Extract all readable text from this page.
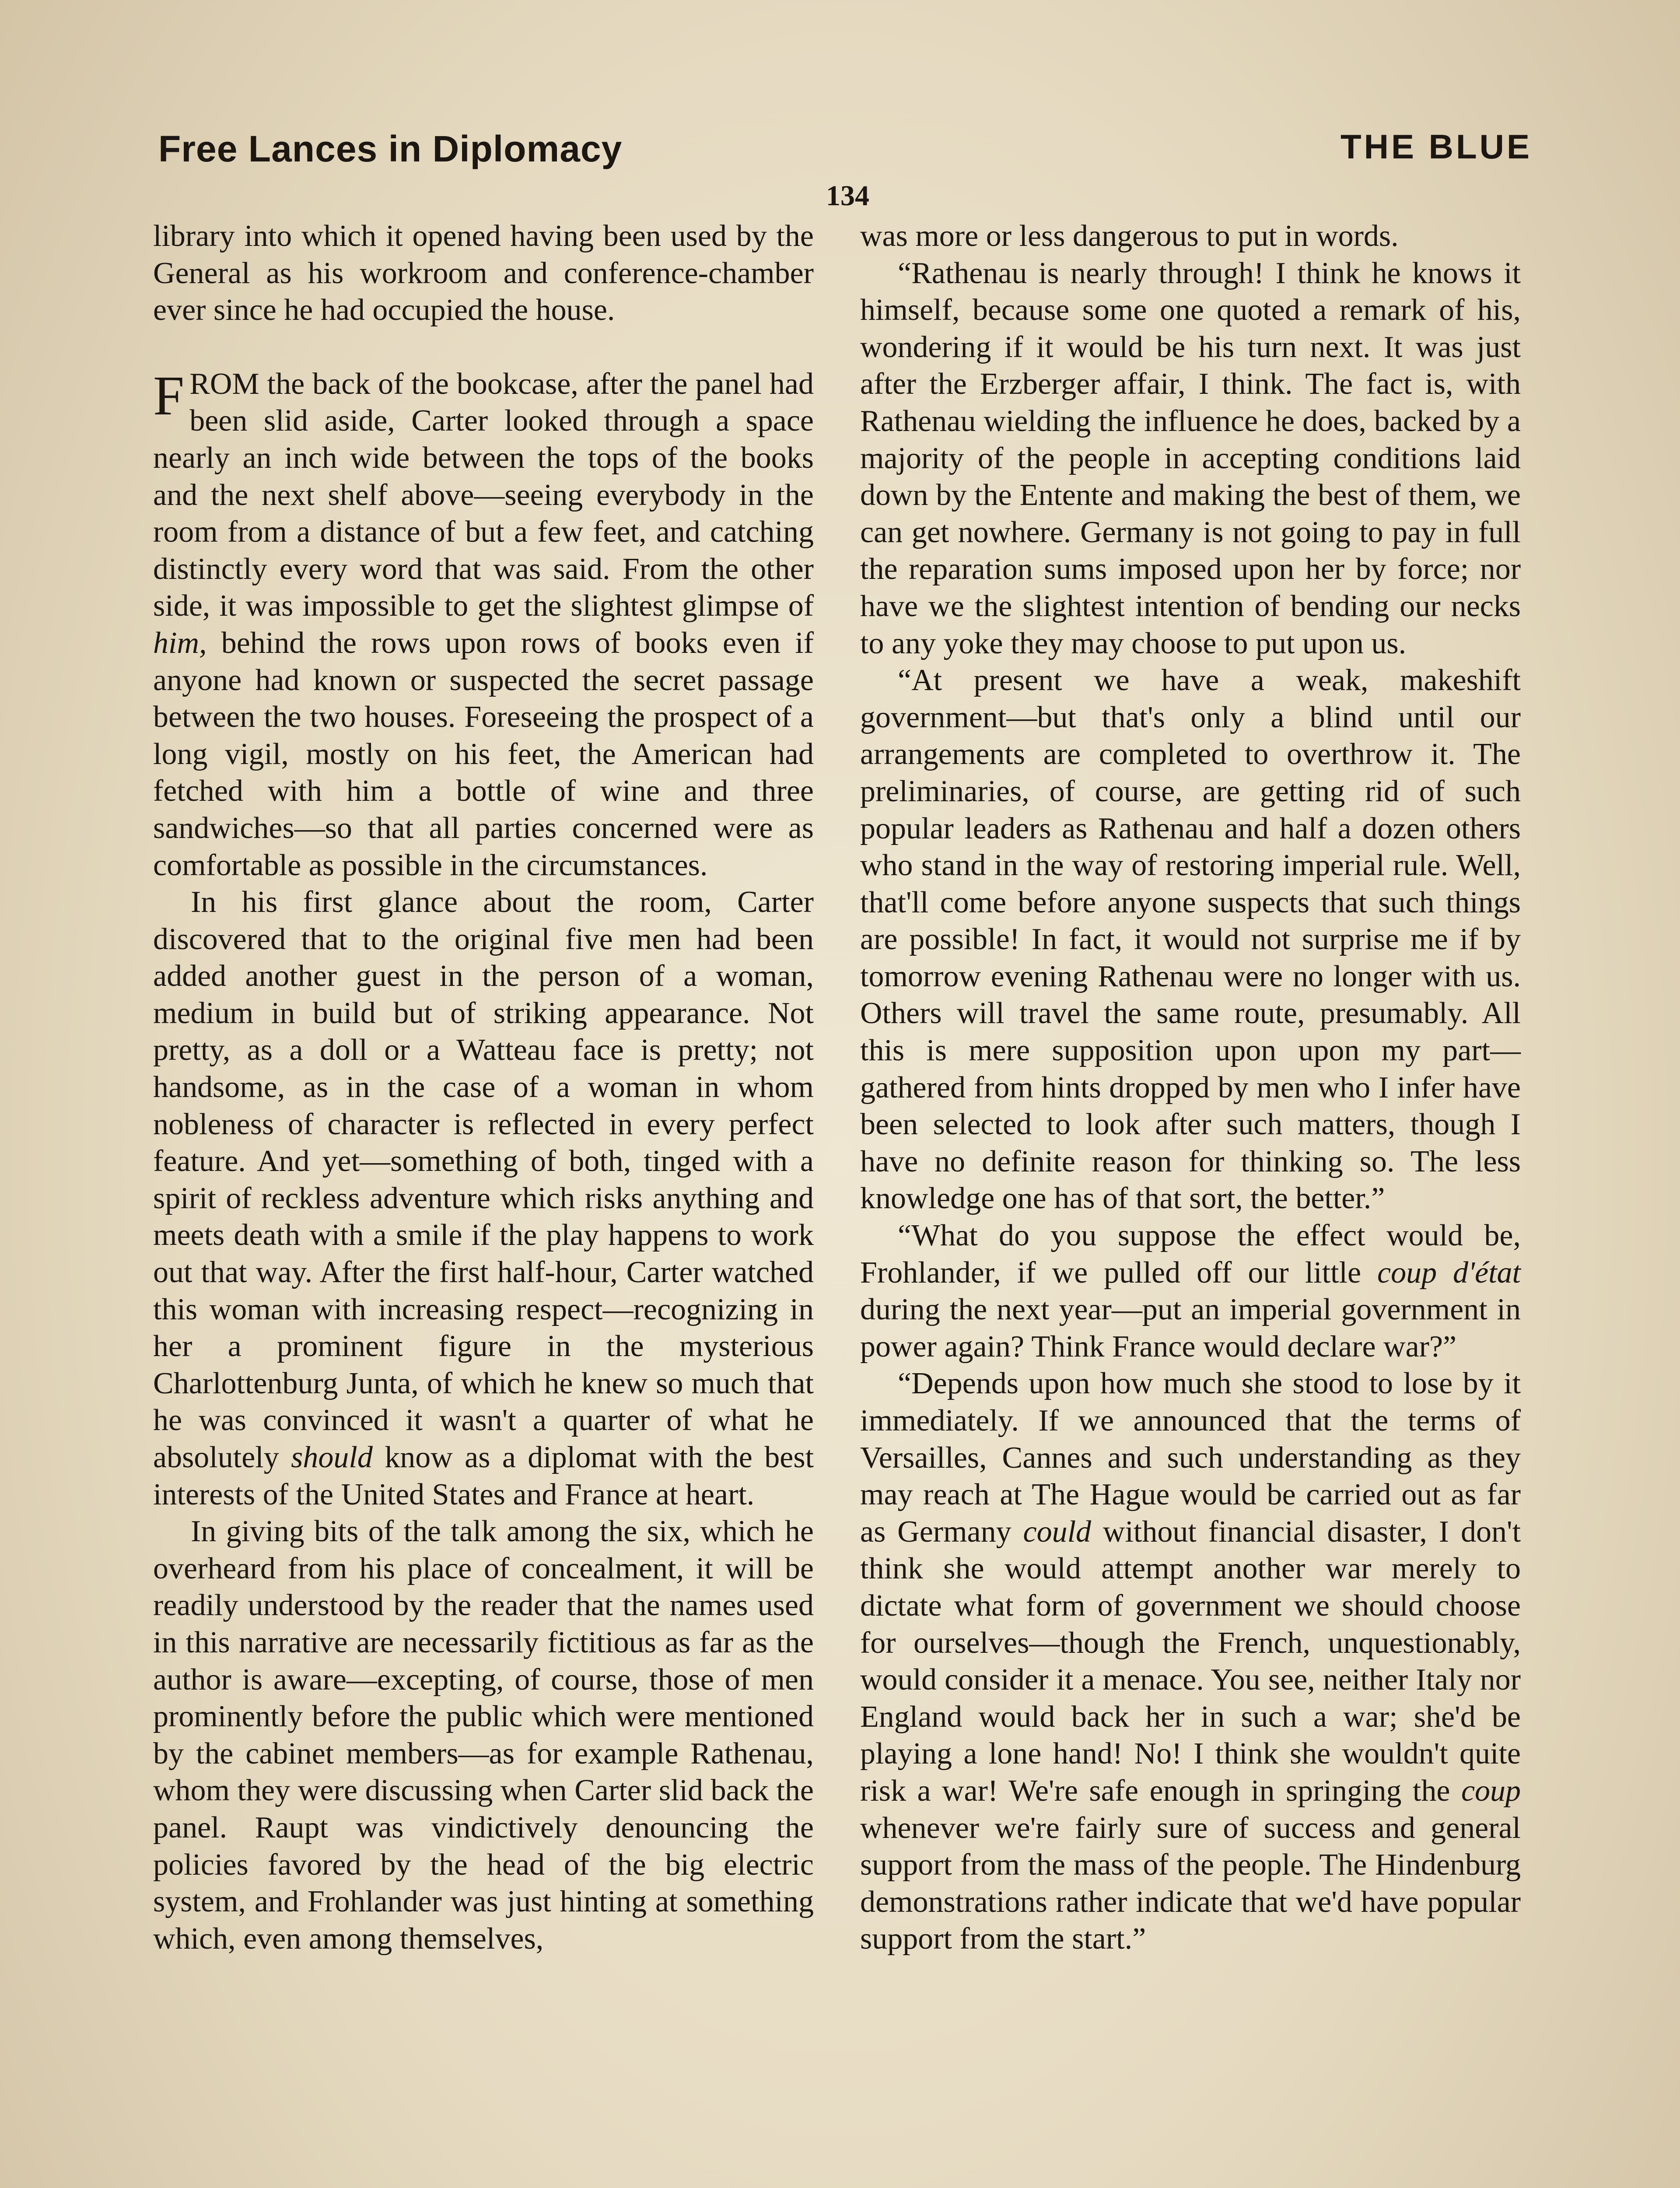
Free Lances in Diplomacy	THE BLUE
134

library into which it opened having been used by the General as his workroom and conference-chamber ever since he had occupied the house.

FROM the back of the bookcase, after the panel had been slid aside, Carter looked through a space nearly an inch wide between the tops of the books and the next shelf above—seeing everybody in the room from a distance of but a few feet, and catching distinctly every word that was said. From the other side, it was impossible to get the slightest glimpse of him, behind the rows upon rows of books even if anyone had known or suspected the secret passage between the two houses. Foreseeing the prospect of a long vigil, mostly on his feet, the American had fetched with him a bottle of wine and three sandwiches—so that all parties concerned were as comfortable as possible in the circumstances.

In his first glance about the room, Carter discovered that to the original five men had been added another guest in the person of a woman, medium in build but of striking appearance. Not pretty, as a doll or a Watteau face is pretty; not handsome, as in the case of a woman in whom nobleness of character is reflected in every perfect feature. And yet—something of both, tinged with a spirit of reckless adventure which risks anything and meets death with a smile if the play happens to work out that way. After the first half-hour, Carter watched this woman with increasing respect—recognizing in her a prominent figure in the mysterious Charlottenburg Junta, of which he knew so much that he was convinced it wasn't a quarter of what he absolutely should know as a diplomat with the best interests of the United States and France at heart.

In giving bits of the talk among the six, which he overheard from his place of concealment, it will be readily understood by the reader that the names used in this narrative are necessarily fictitious as far as the author is aware—excepting, of course, those of men prominently before the public which were mentioned by the cabinet members—as for example Rathenau, whom they were discussing when Carter slid back the panel. Raupt was vindictively denouncing the policies favored by the head of the big electric system, and Frohlander was just hinting at something which, even among themselves,

was more or less dangerous to put in words.

“Rathenau is nearly through! I think he knows it himself, because some one quoted a remark of his, wondering if it would be his turn next. It was just after the Erzberger affair, I think. The fact is, with Rathenau wielding the influence he does, backed by a majority of the people in accepting conditions laid down by the Entente and making the best of them, we can get nowhere. Germany is not going to pay in full the reparation sums imposed upon her by force; nor have we the slightest intention of bending our necks to any yoke they may choose to put upon us.

“At present we have a weak, makeshift government—but that's only a blind until our arrangements are completed to overthrow it. The preliminaries, of course, are getting rid of such popular leaders as Rathenau and half a dozen others who stand in the way of restoring imperial rule. Well, that'll come before anyone suspects that such things are possible! In fact, it would not surprise me if by tomorrow evening Rathenau were no longer with us. Others will travel the same route, presumably. All this is mere supposition upon upon my part—gathered from hints dropped by men who I infer have been selected to look after such matters, though I have no definite reason for thinking so. The less knowledge one has of that sort, the better.”

“What do you suppose the effect would be, Frohlander, if we pulled off our little coup d'état during the next year—put an imperial government in power again? Think France would declare war?”

“Depends upon how much she stood to lose by it immediately. If we announced that the terms of Versailles, Cannes and such understanding as they may reach at The Hague would be carried out as far as Germany could without financial disaster, I don't think she would attempt another war merely to dictate what form of government we should choose for ourselves—though the French, unquestionably, would consider it a menace. You see, neither Italy nor England would back her in such a war; she'd be playing a lone hand! No! I think she wouldn't quite risk a war! We're safe enough in springing the coup whenever we're fairly sure of success and general support from the mass of the people. The Hindenburg demonstrations rather indicate that we'd have popular support from the start.”
